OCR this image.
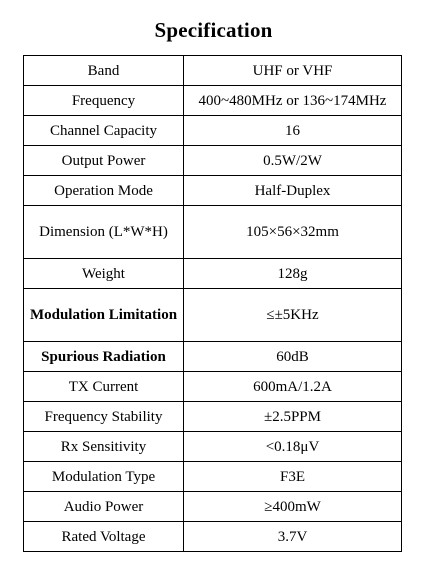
Specification
Band	UHF or VHF
Frequency	400~480MHz or 136~174MHz
Channel Capacity	16
Output Power	0.5W/2W
Operation Mode	Half-Duplex
Dimension (L*W*H)	105×56×32mm
Weight	128g
Modulation Limitation	≤±5KHz
Spurious Radiation	60dB
TX Current	600mA/1.2A
Frequency Stability	±2.5PPM
Rx Sensitivity	<0.18μV
Modulation Type	F3E
Audio Power	≥400mW
Rated Voltage	3.7V
